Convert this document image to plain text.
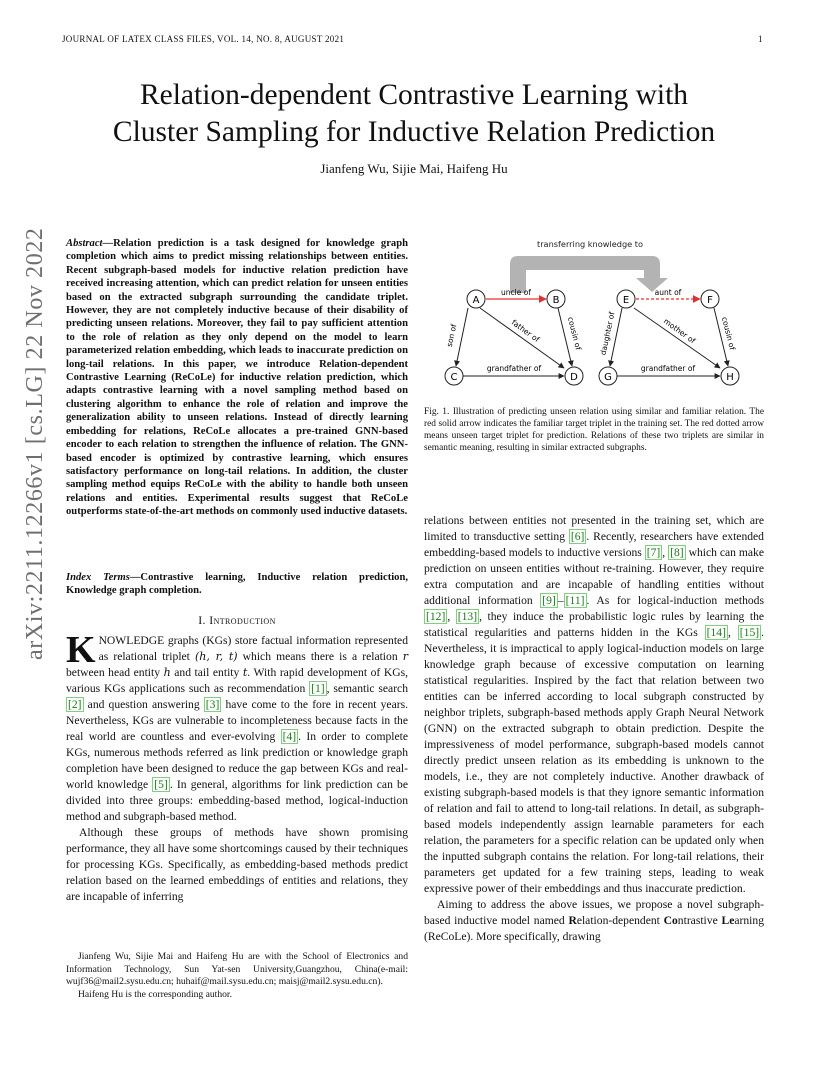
JOURNAL OF LATEX CLASS FILES, VOL. 14, NO. 8, AUGUST 2021	1
Relation-dependent Contrastive Learning with
Cluster Sampling for Inductive Relation Prediction
Jianfeng Wu, Sijie Mai, Haifeng Hu
arXiv:2211.12266v1 [cs.LG] 22 Nov 2022	Abstract—Relation prediction is a task designed for knowledge graph completion which aims to predict missing relationships between entities. Recent subgraph-based models for inductive relation prediction have received increasing attention, which can predict relation for unseen entities based on the extracted subgraph surrounding the candidate triplet. However, they are not completely inductive because of their disability of predicting unseen relations. Moreover, they fail to pay sufficient attention to the role of relation as they only depend on the model to learn parameterized relation embedding, which leads to inaccurate prediction on long-tail relations. In this paper, we introduce Relation-dependent Contrastive Learning (ReCoLe) for inductive relation prediction, which adapts contrastive learning with a novel sampling method based on clustering algorithm to enhance the role of relation and improve the generalization ability to unseen relations. Instead of directly learning embedding for relations, ReCoLe allocates a pre-trained GNN-based encoder to each relation to strengthen the influence of relation. The GNN-based encoder is optimized by contrastive learning, which ensures satisfactory performance on long-tail relations. In addition, the cluster sampling method equips ReCoLe with the ability to handle both unseen relations and entities. Experimental results suggest that ReCoLe outperforms state-of-the-art methods on commonly used inductive datasets.
Index Terms—Contrastive learning, Inductive relation prediction, Knowledge graph completion.
I. Introduction

KNOWLEDGE graphs (KGs) store factual information represented as relational triplet (h, r, t) which means there is a relation r between head entity h and tail entity t. With rapid development of KGs, various KGs applications such as recommendation [1] , semantic search [2] and question answering [3] have come to the fore in recent years. Nevertheless, KGs are vulnerable to incompleteness because facts in the real world are countless and ever-evolving [4] . In order to complete KGs, numerous methods referred as link prediction or knowledge graph completion have been designed to reduce the gap between KGs and real-world knowledge [5] . In general, algorithms for link prediction can be divided into three groups: embedding-based method, logical-induction method and subgraph-based method.

Although these groups of methods have shown promising performance, they all have some shortcomings caused by their techniques for processing KGs. Specifically, as embedding-based methods predict relation based on the learned embeddings of entities and relations, they are incapable of inferring

Jianfeng Wu, Sijie Mai and Haifeng Hu are with the School of Electronics and Information Technology, Sun Yat-sen University,Guangzhou, China(e-mail: wujf36@mail2.sysu.edu.cn; huhaif@mail.sysu.edu.cn; maisj@mail2.sysu.edu.cn).

Haifeng Hu is the corresponding author.

transferring knowledge to
uncle of
son of	father of	cousin of
grandfather of
A	B
C	D
aunt of
daughter of	mother of	cousin of
grandfather of
E	F
G	H
Fig. 1. Illustration of predicting unseen relation using similar and familiar relation. The red solid arrow indicates the familiar target triplet in the training set. The red dotted arrow means unseen target triplet for prediction. Relations of these two triplets are similar in semantic meaning, resulting in similar extracted subgraphs.

relations between entities not presented in the training set, which are limited to transductive setting [6] . Recently, researchers have extended embedding-based models to inductive versions [7] , [8] which can make prediction on unseen entities without re-training. However, they require extra computation and are incapable of handling entities without additional information [9] – [11] . As for logical-induction methods [12] , [13] , they induce the probabilistic logic rules by learning the statistical regularities and patterns hidden in the KGs [14] , [15] . Nevertheless, it is impractical to apply logical-induction models on large knowledge graph because of excessive computation on learning statistical regularities. Inspired by the fact that relation between two entities can be inferred according to local subgraph constructed by neighbor triplets, subgraph-based methods apply Graph Neural Network (GNN) on the extracted subgraph to obtain prediction. Despite the impressiveness of model performance, subgraph-based models cannot directly predict unseen relation as its embedding is unknown to the models, i.e., they are not completely inductive. Another drawback of existing subgraph-based models is that they ignore semantic information of relation and fail to attend to long-tail relations. In detail, as subgraph-based models independently assign learnable parameters for each relation, the parameters for a specific relation can be updated only when the inputted subgraph contains the relation. For long-tail relations, their parameters get updated for a few training steps, leading to weak expressive power of their embeddings and thus inaccurate prediction.

Aiming to address the above issues, we propose a novel subgraph-based inductive model named Relation-dependent Contrastive Learning (ReCoLe). More specifically, drawing
